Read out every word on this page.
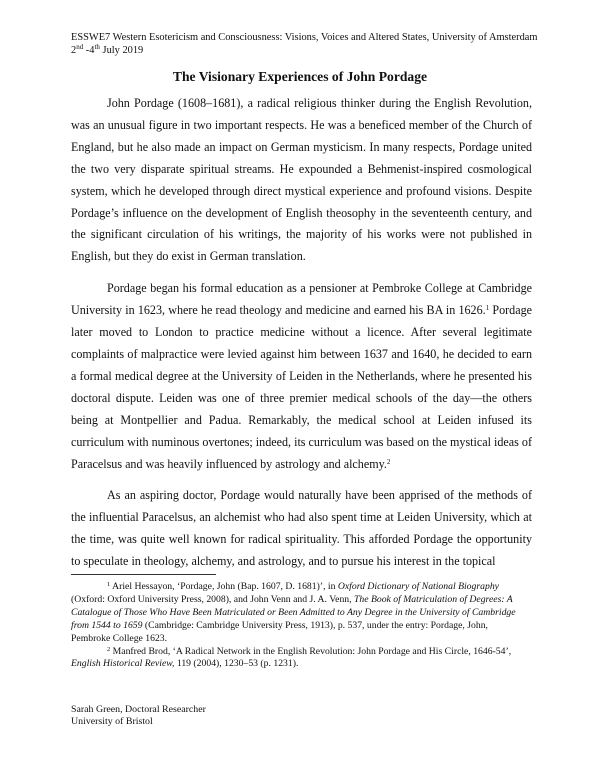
ESSWE7 Western Esotericism and Consciousness: Visions, Voices and Altered States, University of Amsterdam
2nd -4th July 2019
The Visionary Experiences of John Pordage

John Pordage (1608–1681), a radical religious thinker during the English Revolution, was an unusual figure in two important respects. He was a beneficed member of the Church of England, but he also made an impact on German mysticism. In many respects, Pordage united the two very disparate spiritual streams. He expounded a Behmenist-inspired cosmological system, which he developed through direct mystical experience and profound visions. Despite Pordage’s influence on the development of English theosophy in the seventeenth century, and the significant circulation of his writings, the majority of his works were not published in English, but they do exist in German translation.

Pordage began his formal education as a pensioner at Pembroke College at Cambridge University in 1623, where he read theology and medicine and earned his BA in 1626.$^1$ Pordage later moved to London to practice medicine without a licence. After several legitimate complaints of malpractice were levied against him between 1637 and 1640, he decided to earn a formal medical degree at the University of Leiden in the Netherlands, where he presented his doctoral dispute. Leiden was one of three premier medical schools of the day—the others being at Montpellier and Padua. Remarkably, the medical school at Leiden infused its curriculum with numinous overtones; indeed, its curriculum was based on the mystical ideas of Paracelsus and was heavily influenced by astrology and alchemy.$^2$

As an aspiring doctor, Pordage would naturally have been apprised of the methods of the influential Paracelsus, an alchemist who had also spent time at Leiden University, which at the time, was quite well known for radical spirituality. This afforded Pordage the opportunity to speculate in theology, alchemy, and astrology, and to pursue his interest in the topical

$^1$ Ariel Hessayon, ‘Pordage, John (Bap. 1607, D. 1681)’, in Oxford Dictionary of National Biography (Oxford: Oxford University Press, 2008), and John Venn and J. A. Venn, The Book of Matriculation of Degrees: A Catalogue of Those Who Have Been Matriculated or Been Admitted to Any Degree in the University of Cambridge from 1544 to 1659 (Cambridge: Cambridge University Press, 1913), p. 537, under the entry: Pordage, John, Pembroke College 1623.

$^2$ Manfred Brod, ‘A Radical Network in the English Revolution: John Pordage and His Circle, 1646-54’, English Historical Review, 119 (2004), 1230–53 (p. 1231).

Sarah Green, Doctoral Researcher
University of Bristol
